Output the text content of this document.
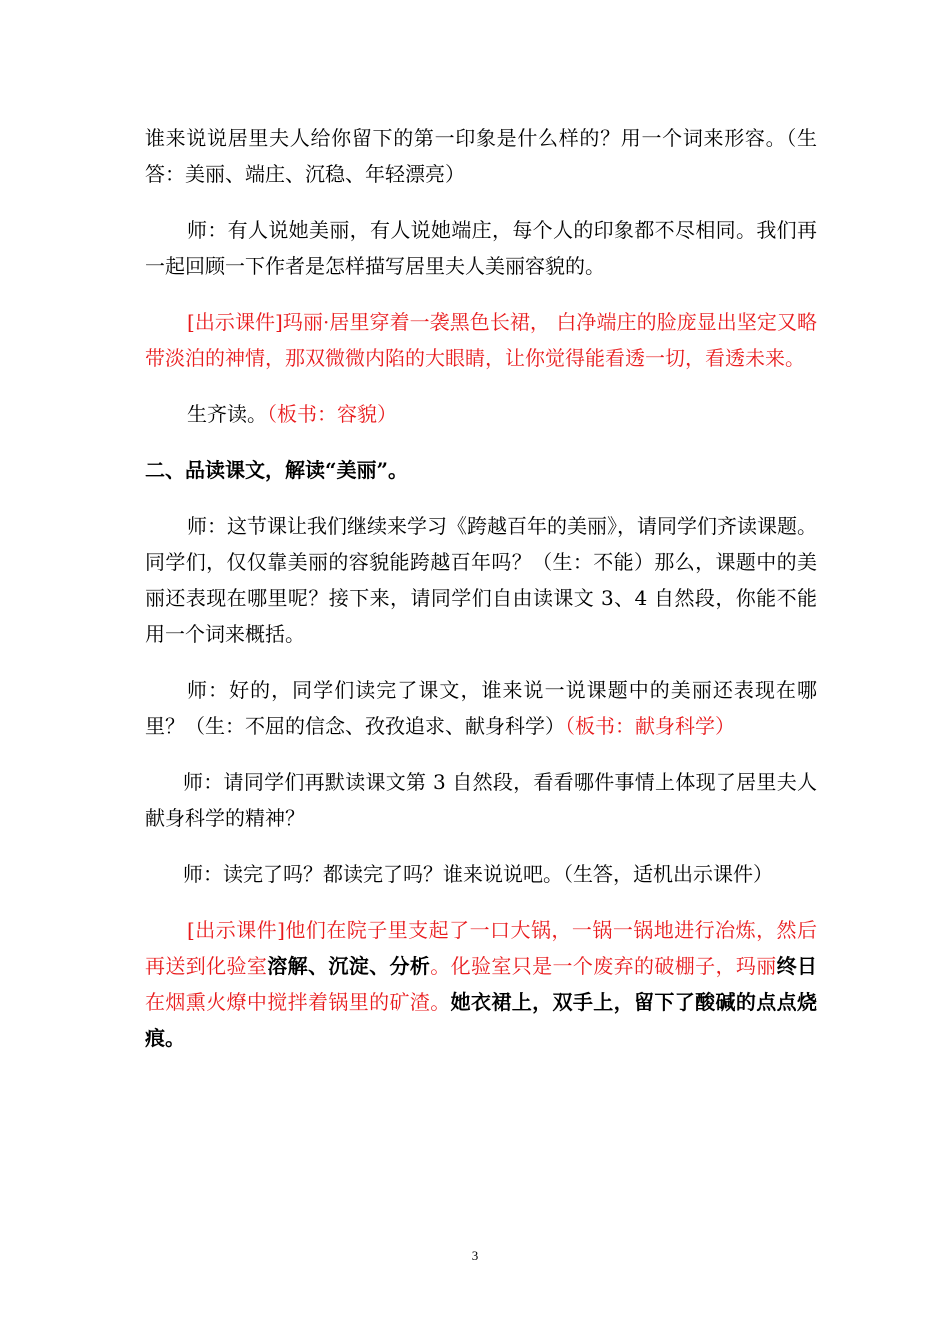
谁来说说居里夫人给你留下的第一印象是什么样的？用一个词来形容。（生答：美丽、端庄、沉稳、年轻漂亮）

师：有人说她美丽，有人说她端庄，每个人的印象都不尽相同。我们再一起回顾一下作者是怎样描写居里夫人美丽容貌的。

[出示课件]玛丽·居里穿着一袭黑色长裙， 白净端庄的脸庞显出坚定又略带淡泊的神情，那双微微内陷的大眼睛，让你觉得能看透一切，看透未来。

生齐读。（板书：容貌）

二、品读课文，解读“美丽”。

师：这节课让我们继续来学习《跨越百年的美丽》，请同学们齐读课题。同学们，仅仅靠美丽的容貌能跨越百年吗？（生：不能）那么，课题中的美丽还表现在哪里呢？接下来，请同学们自由读课文 3、4 自然段，你能不能用一个词来概括。

师：好的，同学们读完了课文，谁来说一说课题中的美丽还表现在哪里？（生：不屈的信念、孜孜追求、献身科学）（板书：献身科学）

师：请同学们再默读课文第 3 自然段，看看哪件事情上体现了居里夫人献身科学的精神？

师：读完了吗？都读完了吗？谁来说说吧。（生答，适机出示课件）

[出示课件]他们在院子里支起了一口大锅，一锅一锅地进行冶炼，然后再送到化验室溶解、沉淀、分析。化验室只是一个废弃的破棚子，玛丽终日在烟熏火燎中搅拌着锅里的矿渣。她衣裙上，双手上，留下了酸碱的点点烧痕。

3
